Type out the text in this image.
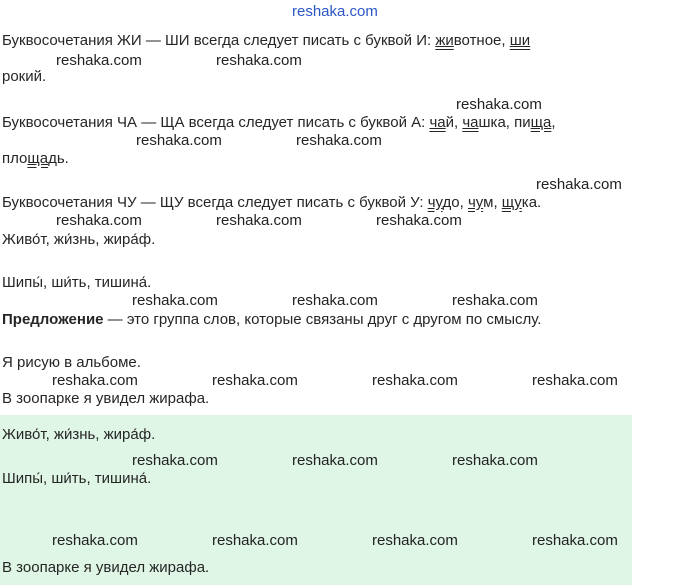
reshaka.com
Буквосочетания ЖИ — ШИ всегда следует писать с буквой И: животное, ши
рокий.
Буквосочетания ЧА — ЩА всегда следует писать с буквой А: чай, чашка, пища,
площадь.
Буквосочетания ЧУ — ЩУ всегда следует писать с буквой У: чудо, чум, щука.
Живо́т, жи́знь, жира́ф.
Шипы́, ши́ть, тишина́.
Предложение — это группа слов, которые связаны друг с другом по смыслу.
Я рисую в альбоме.
В зоопарке я увидел жирафа.
Живо́т, жи́знь, жира́ф.
Шипы́, ши́ть, тишина́.
В зоопарке я увидел жирафа.
reshaka.com	reshaka.com
reshaka.com
reshaka.com	reshaka.com
reshaka.com
reshaka.com	reshaka.com	reshaka.com
reshaka.com	reshaka.com	reshaka.com
reshaka.com	reshaka.com	reshaka.com	reshaka.com
reshaka.com	reshaka.com	reshaka.com
reshaka.com	reshaka.com	reshaka.com	reshaka.com
